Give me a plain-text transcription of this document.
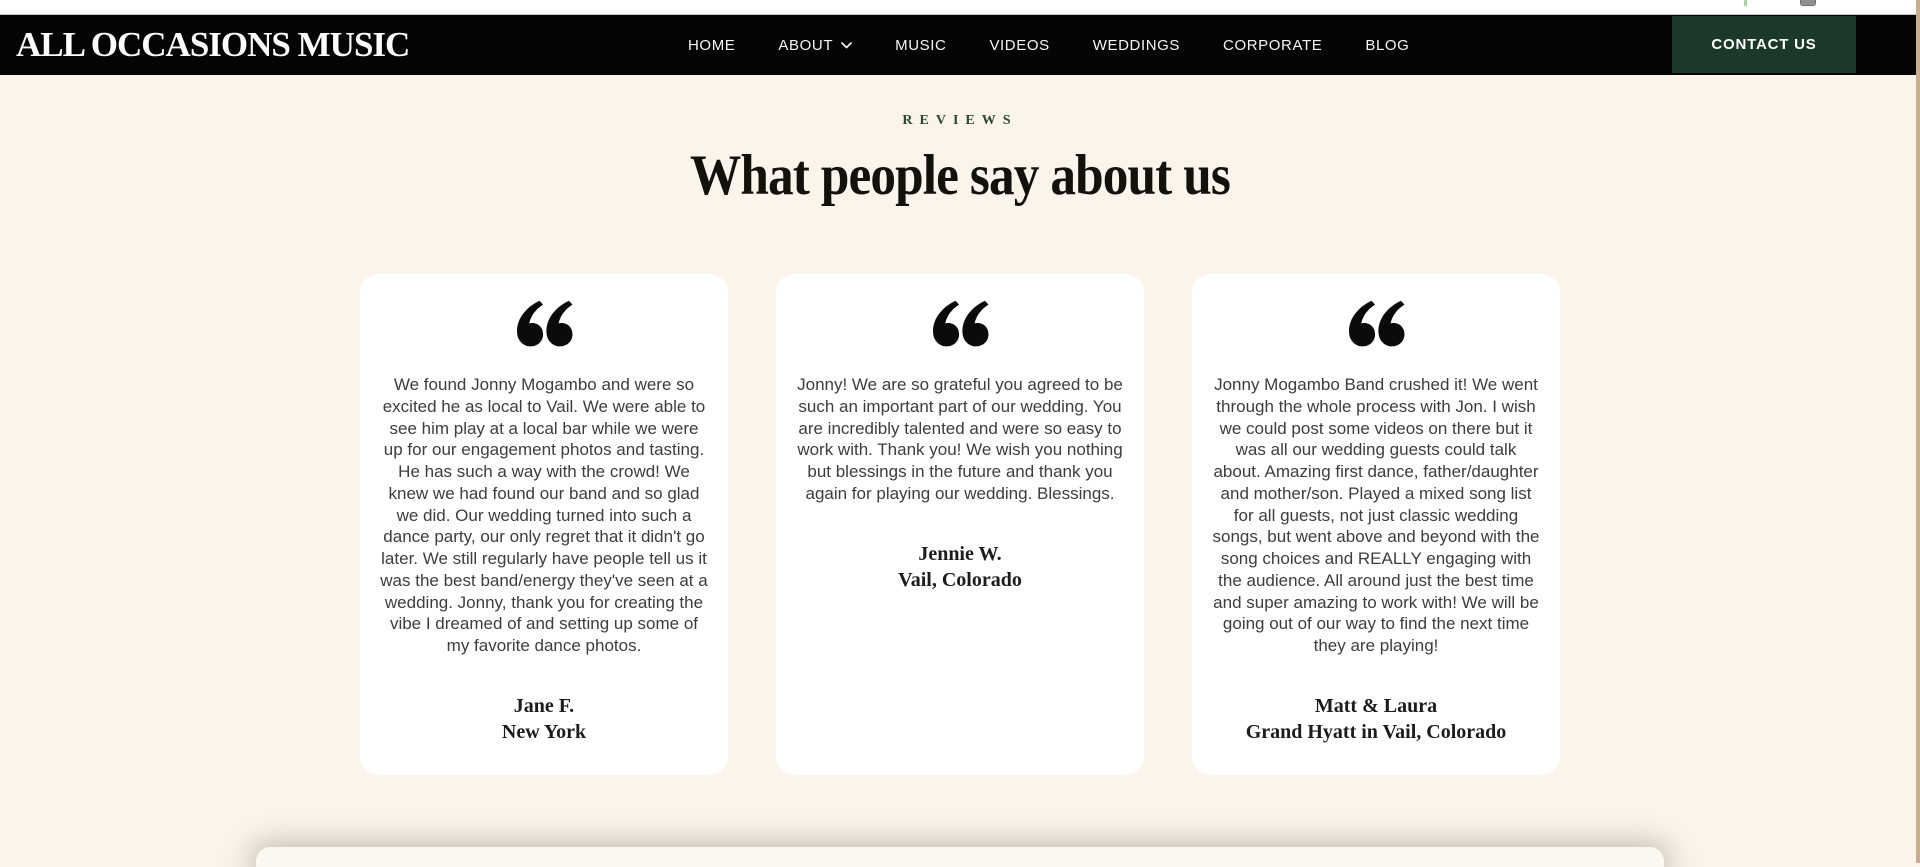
ALL OCCASIONS MUSIC	HOME	ABOUT	MUSIC	VIDEOS	WEDDINGS	CORPORATE	BLOG	CONTACT US
REVIEWS
What people say about us

We found Jonny Mogambo and were so excited he as local to Vail. We were able to see him play at a local bar while we were up for our engagement photos and tasting. He has such a way with the crowd! We knew we had found our band and so glad we did. Our wedding turned into such a dance party, our only regret that it didn't go later. We still regularly have people tell us it was the best band/energy they've seen at a wedding. Jonny, thank you for creating the vibe I dreamed of and setting up some of my favorite dance photos.

Jane F.
New York

Jonny! We are so grateful you agreed to be such an important part of our wedding. You are incredibly talented and were so easy to work with. Thank you! We wish you nothing but blessings in the future and thank you again for playing our wedding. Blessings.

Jennie W.
Vail, Colorado

Jonny Mogambo Band crushed it! We went through the whole process with Jon. I wish we could post some videos on there but it was all our wedding guests could talk about. Amazing first dance, father/daughter and mother/son. Played a mixed song list for all guests, not just classic wedding songs, but went above and beyond with the song choices and REALLY engaging with the audience. All around just the best time and super amazing to work with! We will be going out of our way to find the next time they are playing!

Matt & Laura
Grand Hyatt in Vail, Colorado
